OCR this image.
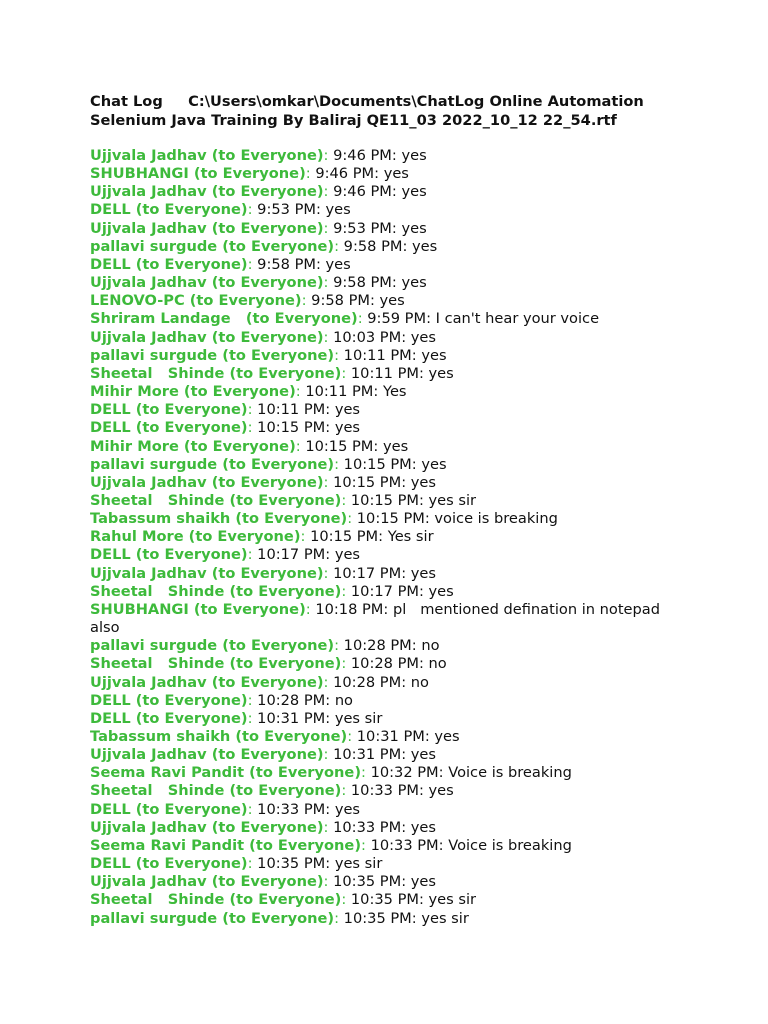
Chat Log     C:\Users\omkar\Documents\ChatLog Online Automation Selenium Java Training By Baliraj QE11_03 2022_10_12 22_54.rtf
Ujjvala Jadhav (to Everyone): 9:46 PM: yes
SHUBHANGI (to Everyone): 9:46 PM: yes
Ujjvala Jadhav (to Everyone): 9:46 PM: yes
DELL (to Everyone): 9:53 PM: yes
Ujjvala Jadhav (to Everyone): 9:53 PM: yes
pallavi surgude (to Everyone): 9:58 PM: yes
DELL (to Everyone): 9:58 PM: yes
Ujjvala Jadhav (to Everyone): 9:58 PM: yes
LENOVO-PC (to Everyone): 9:58 PM: yes
Shriram Landage   (to Everyone): 9:59 PM: I can't hear your voice
Ujjvala Jadhav (to Everyone): 10:03 PM: yes
pallavi surgude (to Everyone): 10:11 PM: yes
Sheetal   Shinde (to Everyone): 10:11 PM: yes
Mihir More (to Everyone): 10:11 PM: Yes
DELL (to Everyone): 10:11 PM: yes
DELL (to Everyone): 10:15 PM: yes
Mihir More (to Everyone): 10:15 PM: yes
pallavi surgude (to Everyone): 10:15 PM: yes
Ujjvala Jadhav (to Everyone): 10:15 PM: yes
Sheetal   Shinde (to Everyone): 10:15 PM: yes sir
Tabassum shaikh (to Everyone): 10:15 PM: voice is breaking
Rahul More (to Everyone): 10:15 PM: Yes sir
DELL (to Everyone): 10:17 PM: yes
Ujjvala Jadhav (to Everyone): 10:17 PM: yes
Sheetal   Shinde (to Everyone): 10:17 PM: yes
SHUBHANGI (to Everyone): 10:18 PM: pl   mentioned defination in notepad also
pallavi surgude (to Everyone): 10:28 PM: no
Sheetal   Shinde (to Everyone): 10:28 PM: no
Ujjvala Jadhav (to Everyone): 10:28 PM: no
DELL (to Everyone): 10:28 PM: no
DELL (to Everyone): 10:31 PM: yes sir
Tabassum shaikh (to Everyone): 10:31 PM: yes
Ujjvala Jadhav (to Everyone): 10:31 PM: yes
Seema Ravi Pandit (to Everyone): 10:32 PM: Voice is breaking
Sheetal   Shinde (to Everyone): 10:33 PM: yes
DELL (to Everyone): 10:33 PM: yes
Ujjvala Jadhav (to Everyone): 10:33 PM: yes
Seema Ravi Pandit (to Everyone): 10:33 PM: Voice is breaking
DELL (to Everyone): 10:35 PM: yes sir
Ujjvala Jadhav (to Everyone): 10:35 PM: yes
Sheetal   Shinde (to Everyone): 10:35 PM: yes sir
pallavi surgude (to Everyone): 10:35 PM: yes sir
